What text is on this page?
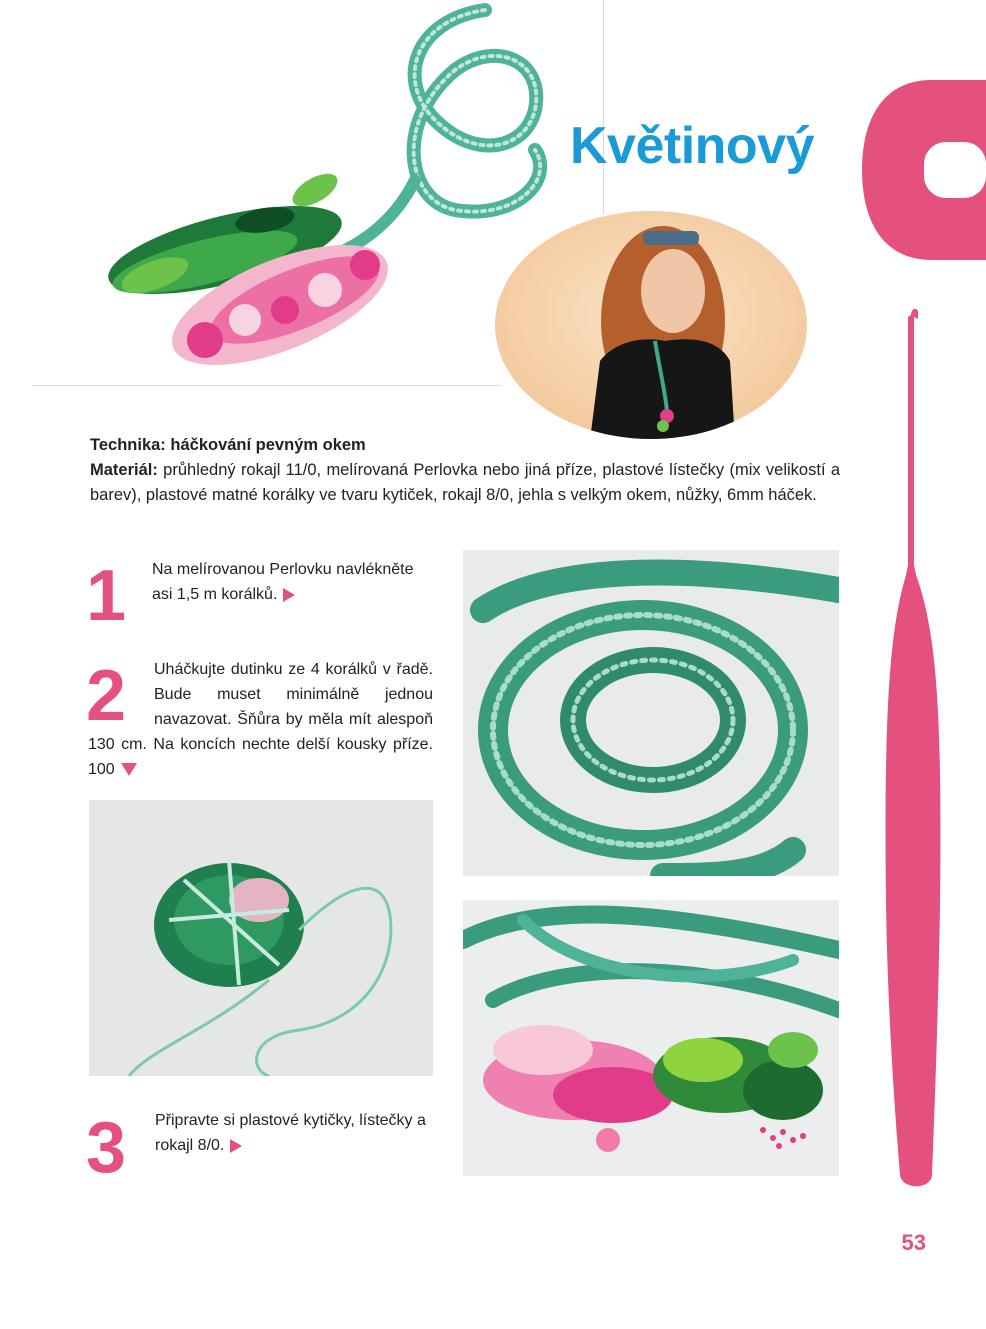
Květinový
Technika: háčkování pevným okem
Materiál: průhledný rokajl 11/0, melírovaná Perlovka nebo jiná příze, plastové lístečky (mix velikostí a barev), plastové matné korálky ve tvaru kytiček, rokajl 8/0, jehla s velkým okem, nůžky, 6mm háček.
1 Na melírovanou Perlovku navlékněte asi 1,5 m korálků.
2	Uháčkujte dutinku ze 4 korálků v řadě. Bude muset minimálně jednou navazovat. Šňůra by měla mít alespoň 130 cm. Na koncích nechte delší kousky příze. 100
3 Připravte si plastové kytičky, lístečky a rokajl 8/0.
53
